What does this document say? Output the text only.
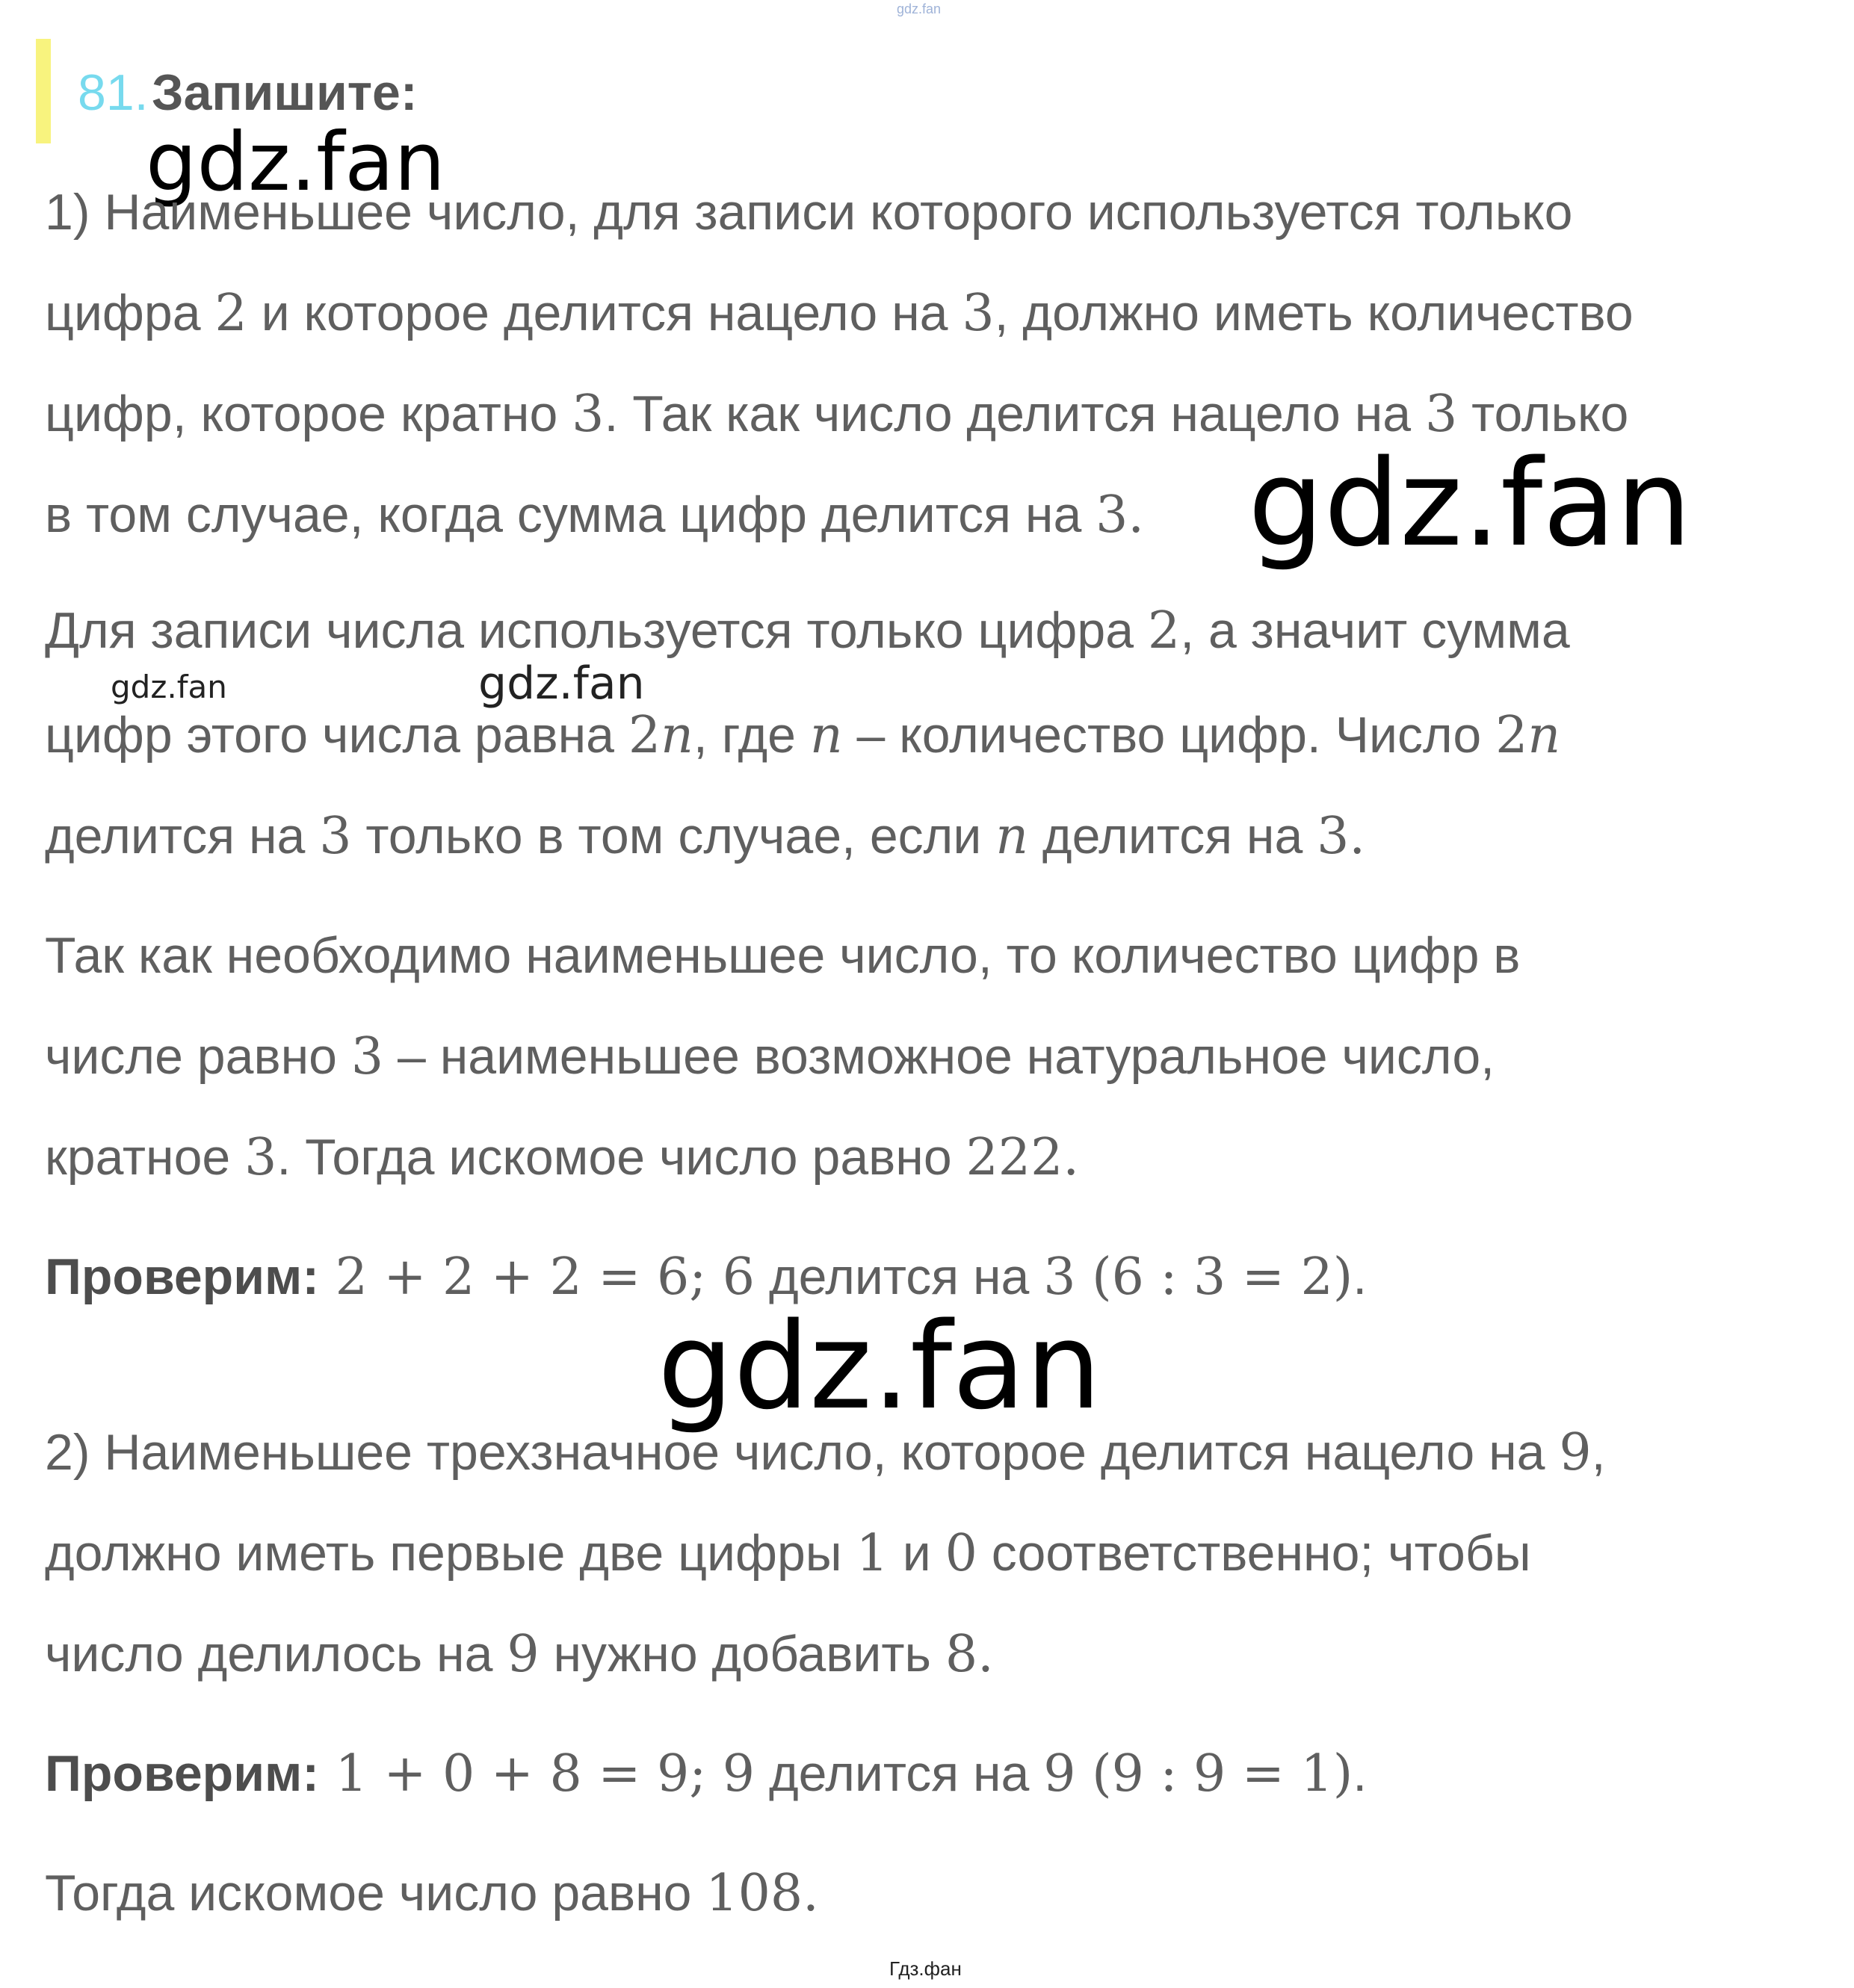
gdz.fan
81. Запишите:
gdz.fan
1) Наименьшее число, для записи которого используется только
цифра 2 и которое делится нацело на 3, должно иметь количество
цифр, которое кратно 3. Так как число делится нацело на 3 только
в том случае, когда сумма цифр делится на 3. gdz.fan
Для записи числа используется только цифра 2, а значит сумма
gdz.fan	gdz.fan
цифр этого числа равна 2n, где n – количество цифр. Число 2n
делится на 3 только в том случае, если n делится на 3.
Так как необходимо наименьшее число, то количество цифр в
числе равно 3 – наименьшее возможное натуральное число,
кратное 3. Тогда искомое число равно 222.
Проверим: 2 + 2 + 2 = 6; 6 делится на 3 (6 : 3 = 2).
gdz.fan
2) Наименьшее трехзначное число, которое делится нацело на 9,
должно иметь первые две цифры 1 и 0 соответственно; чтобы
число делилось на 9 нужно добавить 8.
Проверим: 1 + 0 + 8 = 9; 9 делится на 9 (9 : 9 = 1).
Тогда искомое число равно 108.
Гдз.фан
